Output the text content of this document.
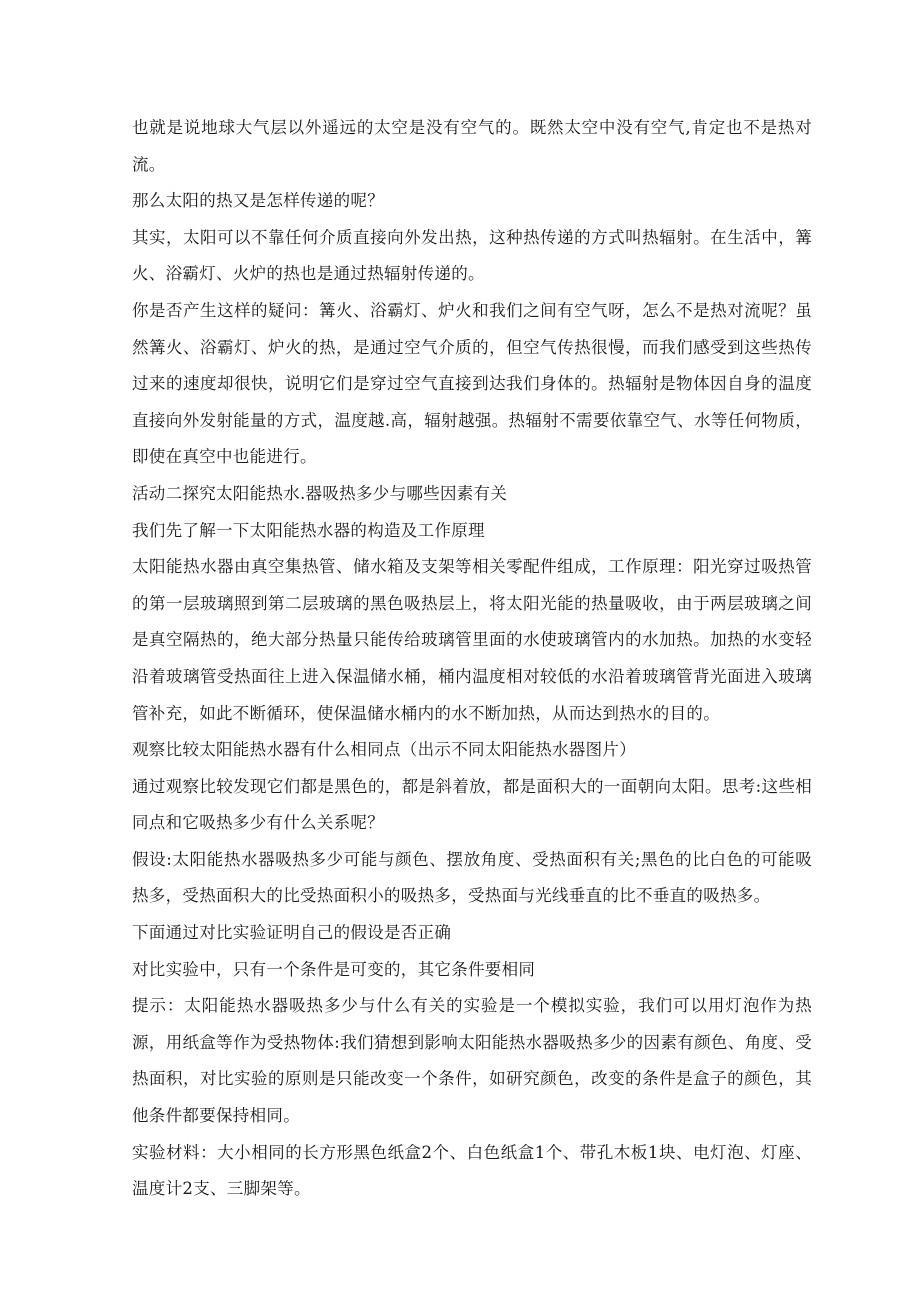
也就是说地球大气层以外遥远的太空是没有空气的。既然太空中没有空气,肯定也不是热对流。

那么太阳的热又是怎样传递的呢？

其实，太阳可以不靠任何介质直接向外发出热，这种热传递的方式叫热辐射。在生活中，篝火、浴霸灯、火炉的热也是通过热辐射传递的。

你是否产生这样的疑问：篝火、浴霸灯、炉火和我们之间有空气呀，怎么不是热对流呢？虽然篝火、浴霸灯、炉火的热，是通过空气介质的，但空气传热很慢，而我们感受到这些热传过来的速度却很快，说明它们是穿过空气直接到达我们身体的。热辐射是物体因自身的温度直接向外发射能量的方式，温度越.高，辐射越强。热辐射不需要依靠空气、水等任何物质，即使在真空中也能进行。

活动二探究太阳能热水.器吸热多少与哪些因素有关

我们先了解一下太阳能热水器的构造及工作原理

太阳能热水器由真空集热管、储水箱及支架等相关零配件组成，工作原理：阳光穿过吸热管的第一层玻璃照到第二层玻璃的黑色吸热层上，将太阳光能的热量吸收，由于两层玻璃之间是真空隔热的，绝大部分热量只能传给玻璃管里面的水使玻璃管内的水加热。加热的水变轻沿着玻璃管受热面往上进入保温储水桶，桶内温度相对较低的水沿着玻璃管背光面进入玻璃管补充，如此不断循环，使保温储水桶内的水不断加热，从而达到热水的目的。

观察比较太阳能热水器有什么相同点（出示不同太阳能热水器图片）

通过观察比较发现它们都是黑色的，都是斜着放，都是面积大的一面朝向太阳。思考:这些相同点和它吸热多少有什么关系呢？

假设:太阳能热水器吸热多少可能与颜色、摆放角度、受热面积有关;黑色的比白色的可能吸热多，受热面积大的比受热面积小的吸热多，受热面与光线垂直的比不垂直的吸热多。

下面通过对比实验证明自己的假设是否正确

对比实验中，只有一个条件是可变的，其它条件要相同

提示：太阳能热水器吸热多少与什么有关的实验是一个模拟实验，我们可以用灯泡作为热源，用纸盒等作为受热物体:我们猜想到影响太阳能热水器吸热多少的因素有颜色、角度、受热面积，对比实验的原则是只能改变一个条件，如研究颜色，改变的条件是盒子的颜色，其他条件都要保持相同。

实验材料：大小相同的长方形黑色纸盒2个、白色纸盒1个、带孔木板1块、电灯泡、灯座、温度计2支、三脚架等。
